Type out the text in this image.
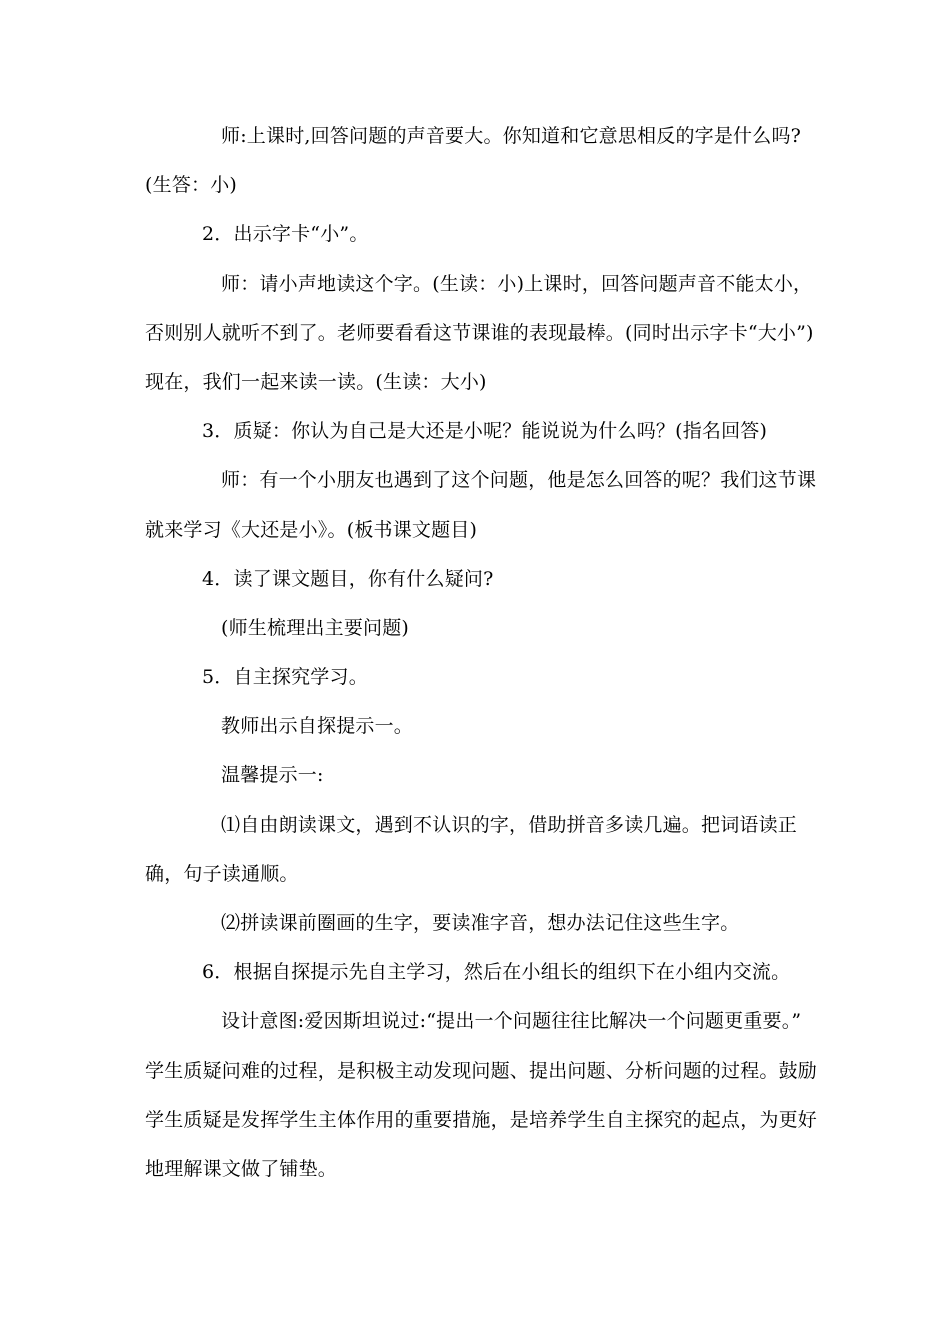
师:上课时,回答问题的声音要大。你知道和它意思相反的字是什么吗?
(生答：小)
2．出示字卡“小”。
师：请小声地读这个字。(生读：小)上课时，回答问题声音不能太小，
否则别人就听不到了。老师要看看这节课谁的表现最棒。(同时出示字卡“大小”)
现在，我们一起来读一读。(生读：大小)
3．质疑：你认为自己是大还是小呢？能说说为什么吗？(指名回答)
师：有一个小朋友也遇到了这个问题，他是怎么回答的呢？我们这节课
就来学习《大还是小》。(板书课文题目)
4．读了课文题目，你有什么疑问?
(师生梳理出主要问题)
5．自主探究学习。
教师出示自探提示一。
温馨提示一:
⑴自由朗读课文，遇到不认识的字，借助拼音多读几遍。把词语读正
确，句子读通顺。
⑵拼读课前圈画的生字，要读准字音，想办法记住这些生字。
6．根据自探提示先自主学习，然后在小组长的组织下在小组内交流。
设计意图:爱因斯坦说过:“提出一个问题往往比解决一个问题更重要。”
学生质疑问难的过程，是积极主动发现问题、提出问题、分析问题的过程。鼓励
学生质疑是发挥学生主体作用的重要措施，是培养学生自主探究的起点，为更好
地理解课文做了铺垫。
